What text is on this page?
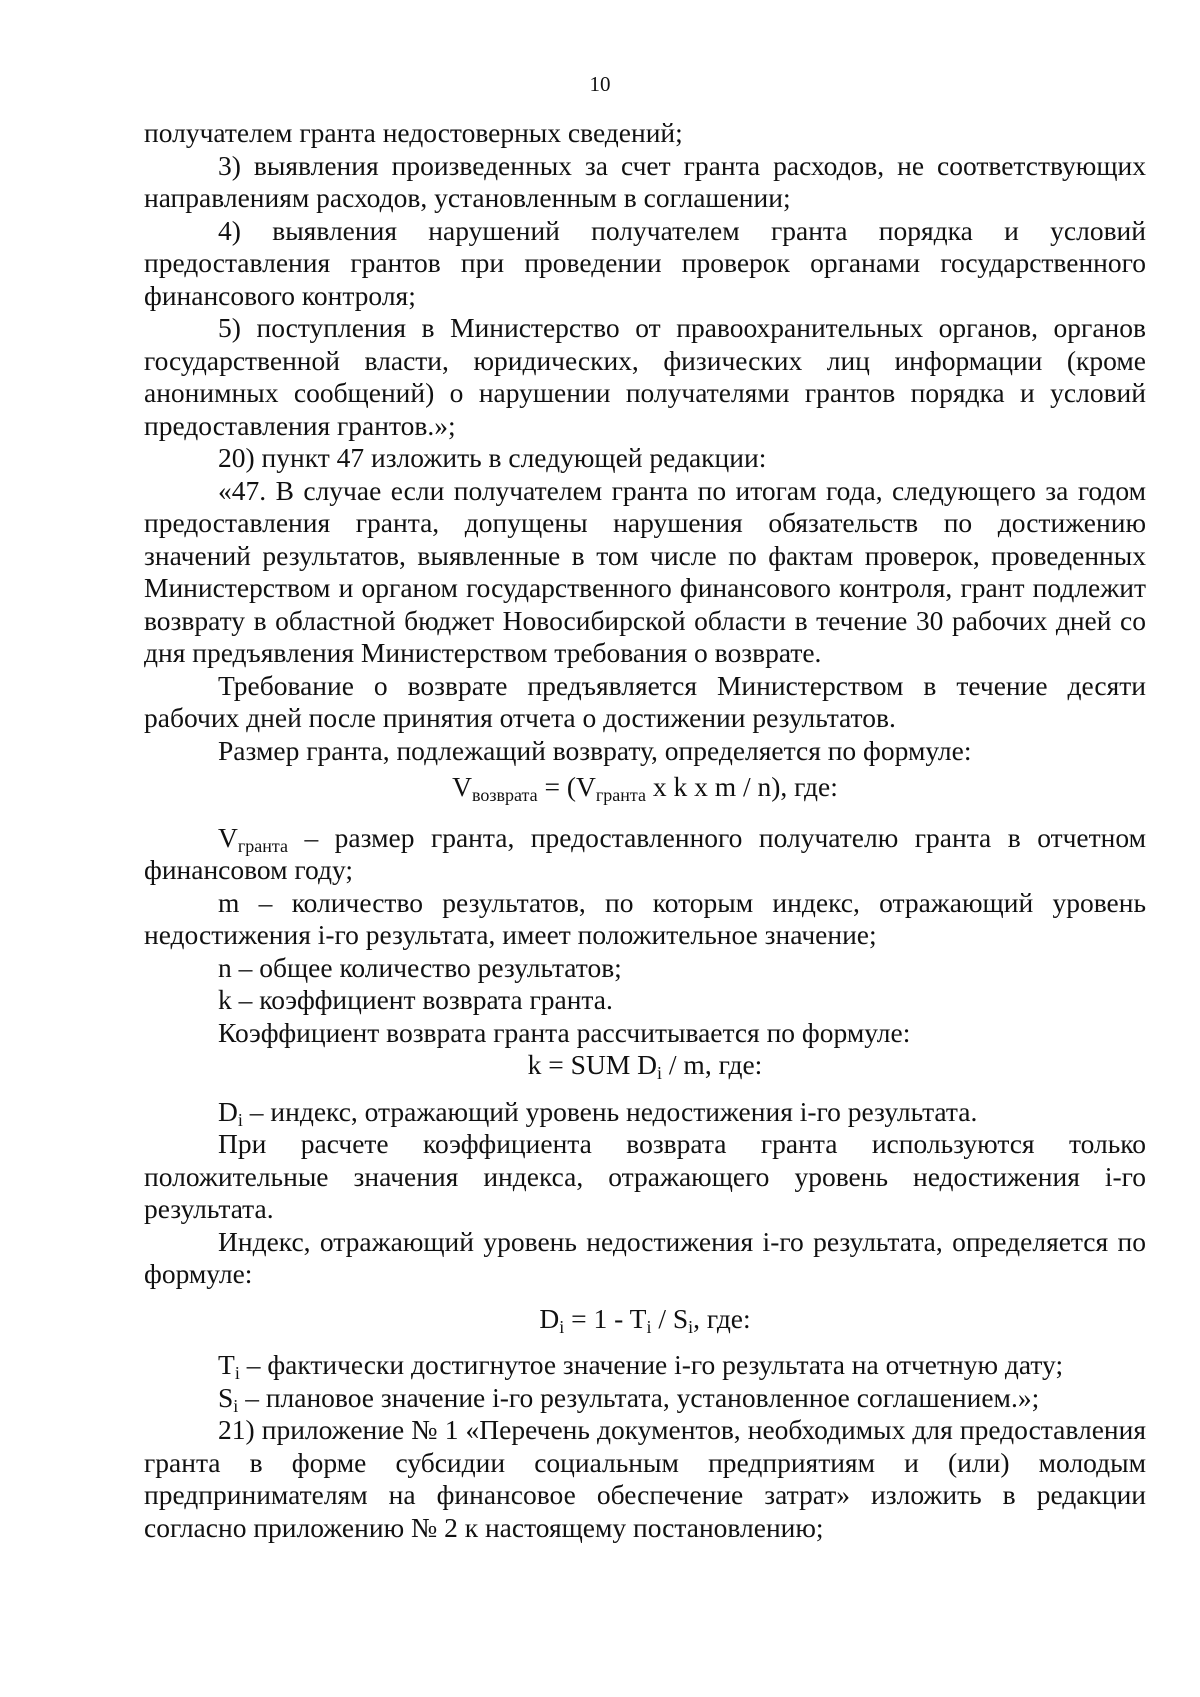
10

получателем гранта недостоверных сведений;

3) выявления произведенных за счет гранта расходов, не соответствующих направлениям расходов, установленным в соглашении;

4) выявления нарушений получателем гранта порядка и условий предоставления грантов при проведении проверок органами государственного финансового контроля;

5) поступления в Министерство от правоохранительных органов, органов государственной власти, юридических, физических лиц информации (кроме анонимных сообщений) о нарушении получателями грантов порядка и условий предоставления грантов.»;

20) пункт 47 изложить в следующей редакции:

«47. В случае если получателем гранта по итогам года, следующего за годом предоставления гранта, допущены нарушения обязательств по достижению значений результатов, выявленные в том числе по фактам проверок, проведенных Министерством и органом государственного финансового контроля, грант подлежит возврату в областной бюджет Новосибирской области в течение 30 рабочих дней со дня предъявления Министерством требования о возврате.

Требование о возврате предъявляется Министерством в течение десяти рабочих дней после принятия отчета о достижении результатов.

Размер гранта, подлежащий возврату, определяется по формуле:

$V_{возврата} = (V_{гранта}$ x k x m / n), где:

$V_{гранта}$ – размер гранта, предоставленного получателю гранта в отчетном финансовом году;

m – количество результатов, по которым индекс, отражающий уровень недостижения i-го результата, имеет положительное значение;

n – общее количество результатов;

k – коэффициент возврата гранта.

Коэффициент возврата гранта рассчитывается по формуле:

k = SUM $D_i$ / m, где:

$D_i$ – индекс, отражающий уровень недостижения i-го результата.

При расчете коэффициента возврата гранта используются только положительные значения индекса, отражающего уровень недостижения i-го результата.

Индекс, отражающий уровень недостижения i-го результата, определяется по формуле:

$D_i = 1 - T_i / S_i$, где:

$T_i$ – фактически достигнутое значение i-го результата на отчетную дату;

$S_i$ – плановое значение i-го результата, установленное соглашением.»;

21) приложение № 1 «Перечень документов, необходимых для предоставления гранта в форме субсидии социальным предприятиям и (или) молодым предпринимателям на финансовое обеспечение затрат» изложить в редакции согласно приложению № 2 к настоящему постановлению;
